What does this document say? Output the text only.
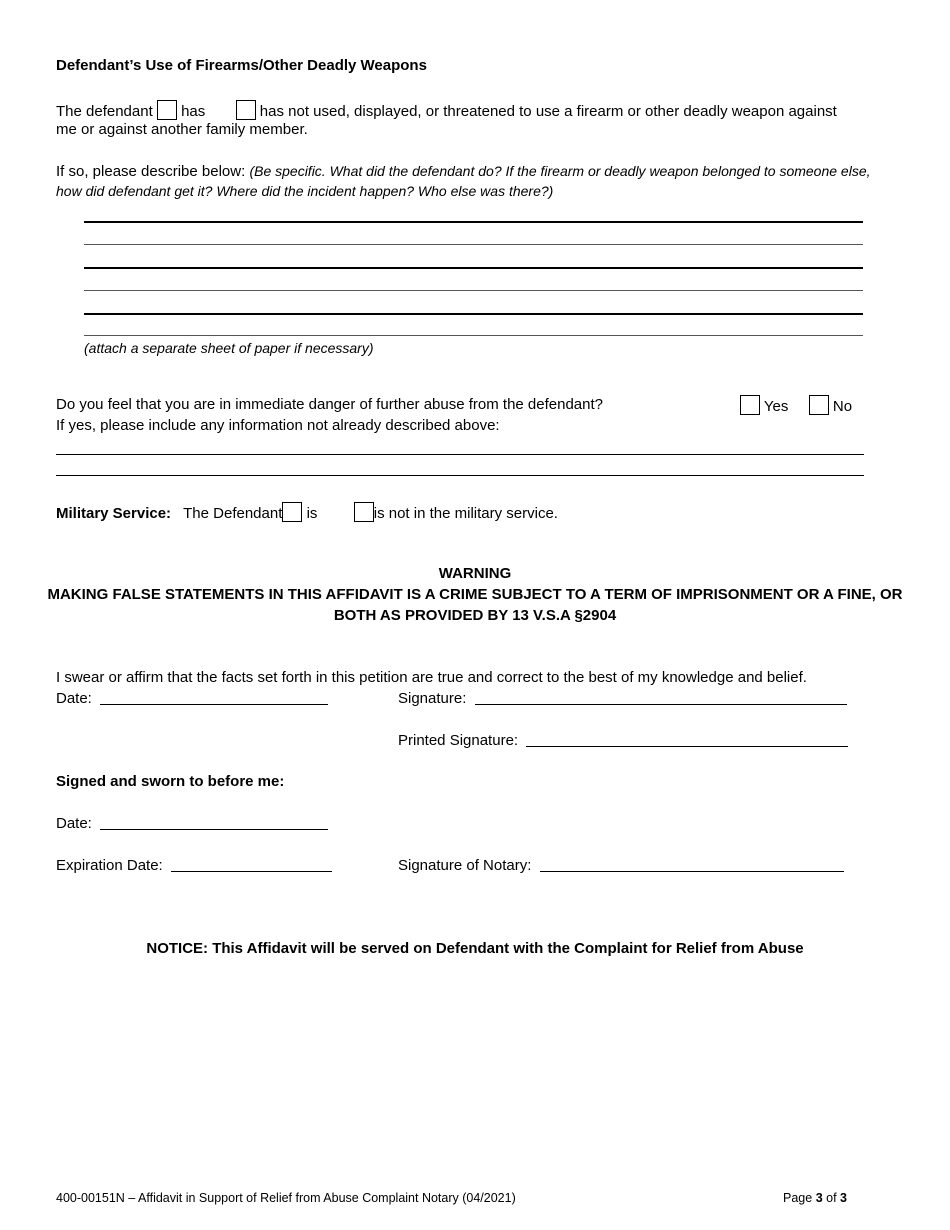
Defendant’s Use of Firearms/Other Deadly Weapons
The defendant has	has not used, displayed, or threatened to use a firearm or other deadly weapon against
me or against another family member.
If so, please describe below: (Be specific. What did the defendant do? If the firearm or deadly weapon belonged to someone else,
how did defendant get it? Where did the incident happen? Who else was there?)
(attach a separate sheet of paper if necessary)
Do you feel that you are in immediate danger of further abuse from the defendant?	Yes	No
If yes, please include any information not already described above:
Military Service: The Defendant is	is not in the military service.
WARNING
MAKING FALSE STATEMENTS IN THIS AFFIDAVIT IS A CRIME SUBJECT TO A TERM OF IMPRISONMENT OR A FINE, OR
BOTH AS PROVIDED BY 13 V.S.A §2904
I swear or affirm that the facts set forth in this petition are true and correct to the best of my knowledge and belief.
Date:	Signature:
Printed Signature:
Signed and sworn to before me:
Date:
Expiration Date:	Signature of Notary:
NOTICE: This Affidavit will be served on Defendant with the Complaint for Relief from Abuse
400-00151N – Affidavit in Support of Relief from Abuse Complaint Notary (04/2021)	Page 3 of 3
